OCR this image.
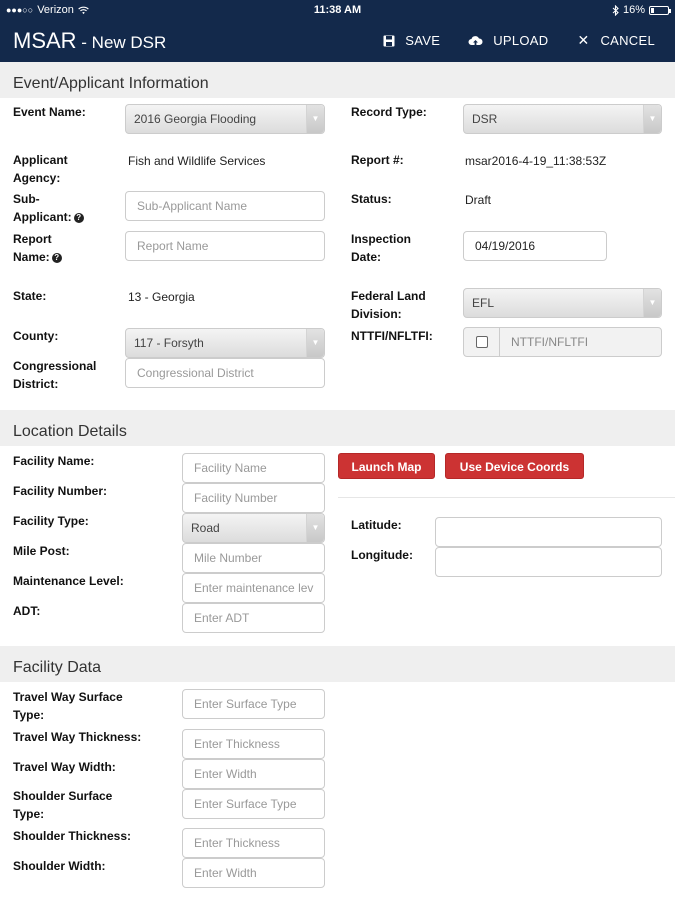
●●●○○ Verizon	11:38 AM	16%
MSAR - New DSR	SAVE	UPLOAD ✕ CANCEL
Event/Applicant Information
Event Name:	2016 Georgia Flooding	▼
Applicant
Agency:
Fish and Wildlife Services
Sub-
Applicant: ?
Sub-Applicant Name
Report
Name: ?
Report Name
State:	13 - Georgia
County:	117 - Forsyth	▼
Congressional
District:
Congressional District
Record Type:	DSR	▼
Report #:	msar2016-4-19_11:38:53Z
Status:	Draft
Inspection
Date:
04/19/2016
Federal Land
Division:
EFL	▼
NTTFI/NFLTFI:	NTTFI/NFLTFI
Location Details
Facility Name:	Facility Name
Facility Number:	Facility Number
Facility Type:	Road	▼
Mile Post:	Mile Number
Maintenance Level:	Enter maintenance lev
ADT:	Enter ADT
Launch Map	Use Device Coords
Latitude:
Longitude:
Facility Data
Travel Way Surface
Type:
Enter Surface Type
Travel Way Thickness:	Enter Thickness
Travel Way Width:	Enter Width
Shoulder Surface
Type:
Enter Surface Type
Shoulder Thickness:	Enter Thickness
Shoulder Width:	Enter Width
